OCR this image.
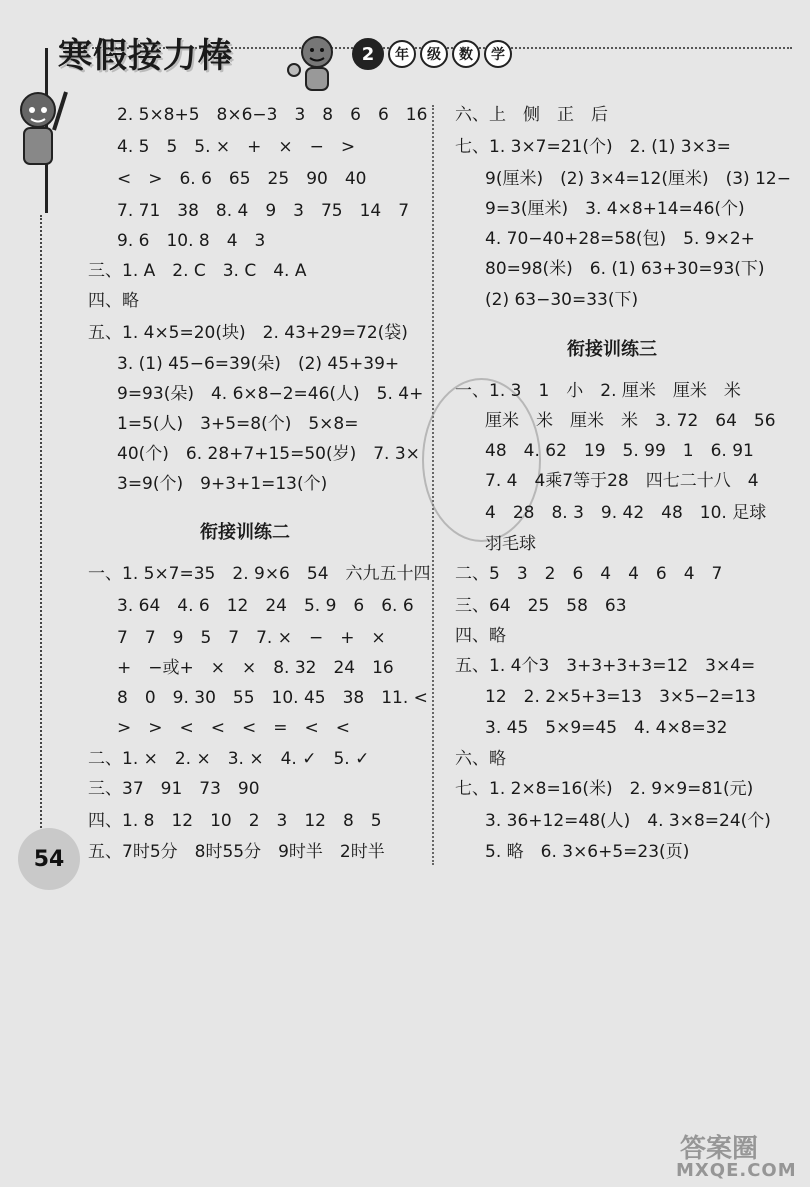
寒假接力棒	2	年	级	数	学
2. 5×8+5　8×6−3　3　8　6　6　16
4. 5　5　5. ×　+　×　−　>
<　>　6. 6　65　25　90　40
7. 71　38　8. 4　9　3　75　14　7
9. 6　10. 8　4　3
三、1. A　2. C　3. C　4. A
四、略
五、1. 4×5=20(块)　2. 43+29=72(袋)
3. (1) 45−6=39(朵)　(2) 45+39+
9=93(朵)　4. 6×8−2=46(人)　5. 4+
1=5(人)　3+5=8(个)　5×8=
40(个)　6. 28+7+15=50(岁)　7. 3×
3=9(个)　9+3+1=13(个)
衔接训练二
一、1. 5×7=35　2. 9×6　54　六九五十四
3. 64　4. 6　12　24　5. 9　6　6. 6
7　7　9　5　7　7. ×　−　+　×
+　−或+　×　×　8. 32　24　16
8　0　9. 30　55　10. 45　38　11. <
>　>　<　<　<　=　<　<
二、1. ×　2. ×　3. ×　4. ✓　5. ✓
三、37　91　73　90
四、1. 8　12　10　2　3　12　8　5
五、7时5分　8时55分　9时半　2时半
六、上　侧　正　后
七、1. 3×7=21(个)　2. (1) 3×3=
9(厘米)　(2) 3×4=12(厘米)　(3) 12−
9=3(厘米)　3. 4×8+14=46(个)
4. 70−40+28=58(包)　5. 9×2+
80=98(米)　6. (1) 63+30=93(下)
(2) 63−30=33(下)
衔接训练三
一、1. 3　1　小　2. 厘米　厘米　米
厘米　米　厘米　米　3. 72　64　56
48　4. 62　19　5. 99　1　6. 91
7. 4　4乘7等于28　四七二十八　4
4　28　8. 3　9. 42　48　10. 足球
羽毛球
二、5　3　2　6　4　4　6　4　7
三、64　25　58　63
四、略
五、1. 4个3　3+3+3+3=12　3×4=
12　2. 2×5+3=13　3×5−2=13
3. 45　5×9=45　4. 4×8=32
六、略
七、1. 2×8=16(米)　2. 9×9=81(元)
3. 36+12=48(人)　4. 3×8=24(个)
5. 略　6. 3×6+5=23(页)
54
答案圈
MXQE.COM
